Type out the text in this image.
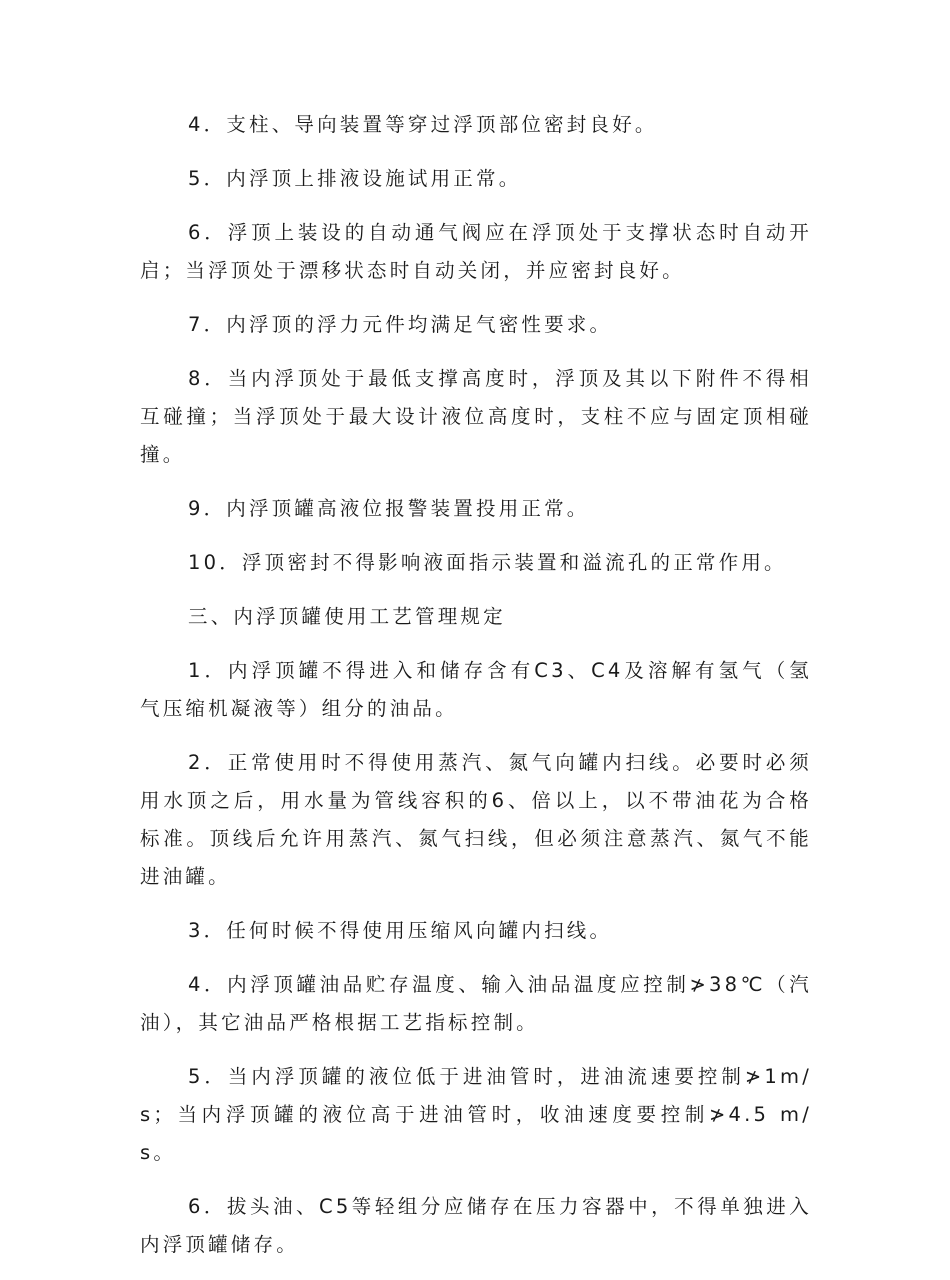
4．支柱、导向装置等穿过浮顶部位密封良好。

5．内浮顶上排液设施试用正常。

6．浮顶上装设的自动通气阀应在浮顶处于支撑状态时自动开启；当浮顶处于漂移状态时自动关闭，并应密封良好。

7．内浮顶的浮力元件均满足气密性要求。

8．当内浮顶处于最低支撑高度时，浮顶及其以下附件不得相互碰撞；当浮顶处于最大设计液位高度时，支柱不应与固定顶相碰撞。

9．内浮顶罐高液位报警装置投用正常。

10．浮顶密封不得影响液面指示装置和溢流孔的正常作用。

三、内浮顶罐使用工艺管理规定

1．内浮顶罐不得进入和储存含有C3、C4及溶解有氢气（氢气压缩机凝液等）组分的油品。

2．正常使用时不得使用蒸汽、氮气向罐内扫线。必要时必须用水顶之后，用水量为管线容积的6、倍以上，以不带油花为合格标准。顶线后允许用蒸汽、氮气扫线，但必须注意蒸汽、氮气不能进油罐。

3．任何时候不得使用压缩风向罐内扫线。

4．内浮顶罐油品贮存温度、输入油品温度应控制≯38℃（汽油），其它油品严格根据工艺指标控制。

5．当内浮顶罐的液位低于进油管时，进油流速要控制≯1m/s；当内浮顶罐的液位高于进油管时，收油速度要控制≯4.5 m/s。

6．拔头油、C5等轻组分应储存在压力容器中，不得单独进入内浮顶罐储存。
